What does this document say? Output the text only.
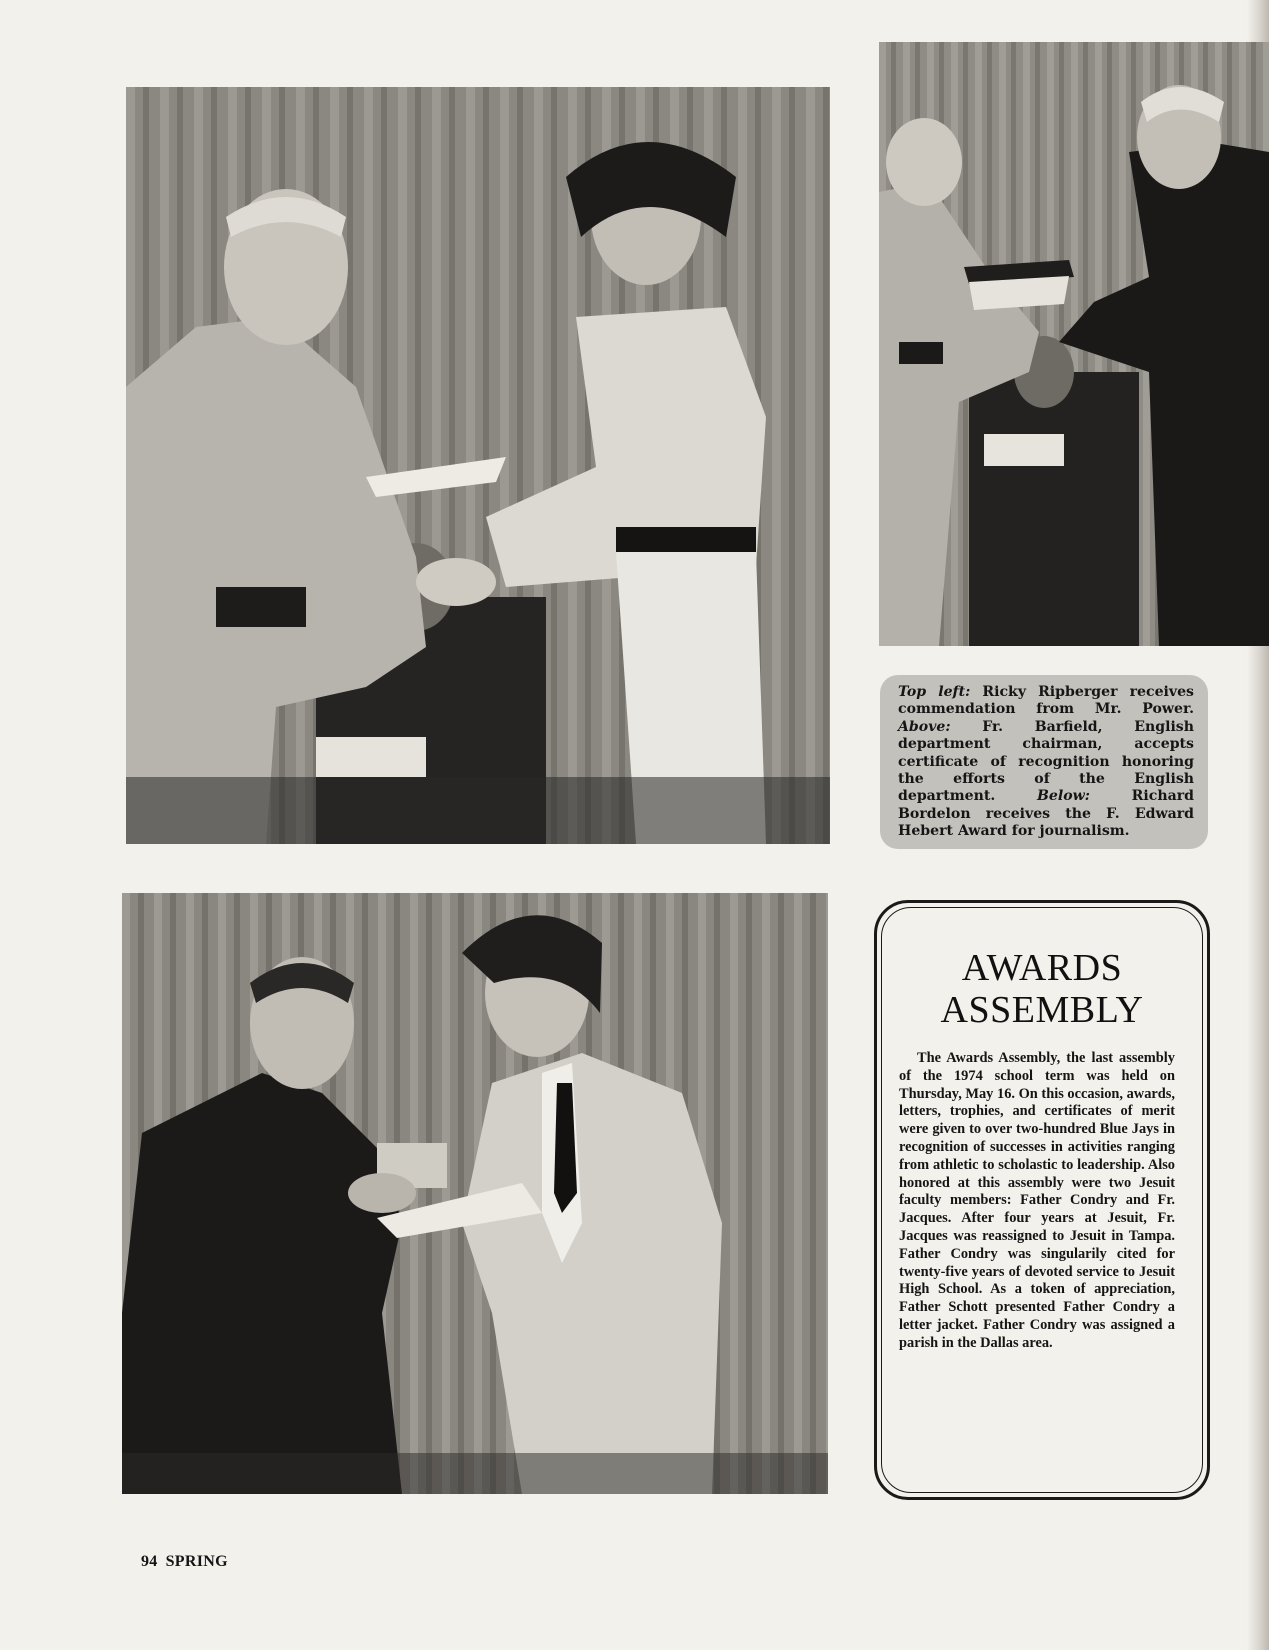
Top left: Ricky Ripberger receives commendation from Mr. Power. Above: Fr. Barfield, English department chairman, accepts certificate of recognition honoring the efforts of the English department. Below: Richard Bordelon receives the F. Edward Hebert Award for journalism.
AWARDS
ASSEMBLY

The Awards Assembly, the last assembly of the 1974 school term was held on Thursday, May 16. On this occasion, awards, letters, trophies, and certificates of merit were given to over two-hundred Blue Jays in recognition of successes in activities ranging from athletic to scholastic to leadership. Also honored at this assembly were two Jesuit faculty members: Father Condry and Fr. Jacques. After four years at Jesuit, Fr. Jacques was reassigned to Jesuit in Tampa. Father Condry was singularily cited for twenty-five years of devoted service to Jesuit High School. As a token of appreciation, Father Schott presented Father Condry a letter jacket. Father Condry was assigned a parish in the Dallas area.

94 SPRING
